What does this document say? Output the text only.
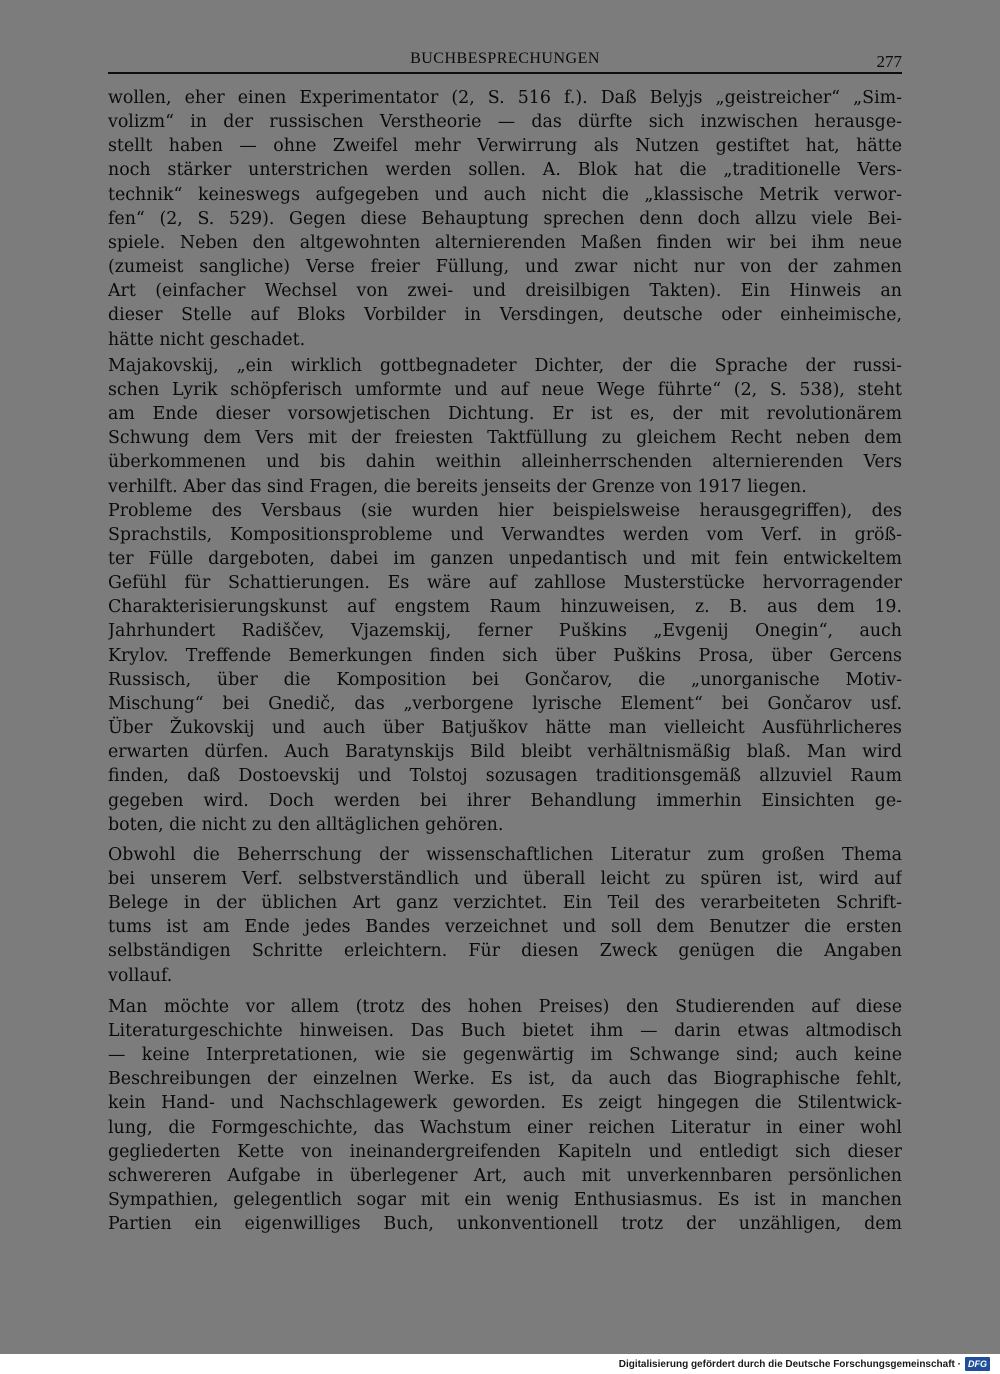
BUCHBESPRECHUNGEN	277

wollen, eher einen Experimentator (2, S. 516 f.). Daß Belyjs „geistreicher“ „Sim-
volizm“ in der russischen Verstheorie — das dürfte sich inzwischen herausge-
stellt haben — ohne Zweifel mehr Verwirrung als Nutzen gestiftet hat, hätte
noch stärker unterstrichen werden sollen. A. Blok hat die „traditionelle Vers-
technik“ keineswegs aufgegeben und auch nicht die „klassische Metrik verwor-
fen“ (2, S. 529). Gegen diese Behauptung sprechen denn doch allzu viele Bei-
spiele. Neben den altgewohnten alternierenden Maßen finden wir bei ihm neue
(zumeist sangliche) Verse freier Füllung, und zwar nicht nur von der zahmen
Art (einfacher Wechsel von zwei- und dreisilbigen Takten). Ein Hinweis an
dieser Stelle auf Bloks Vorbilder in Versdingen, deutsche oder einheimische,
hätte nicht geschadet.

Majakovskij, „ein wirklich gottbegnadeter Dichter, der die Sprache der russi-
schen Lyrik schöpferisch umformte und auf neue Wege führte“ (2, S. 538), steht
am Ende dieser vorsowjetischen Dichtung. Er ist es, der mit revolutionärem
Schwung dem Vers mit der freiesten Taktfüllung zu gleichem Recht neben dem
überkommenen und bis dahin weithin alleinherrschenden alternierenden Vers
verhilft. Aber das sind Fragen, die bereits jenseits der Grenze von 1917 liegen.

Probleme des Versbaus (sie wurden hier beispielsweise herausgegriffen), des
Sprachstils, Kompositionsprobleme und Verwandtes werden vom Verf. in größ-
ter Fülle dargeboten, dabei im ganzen unpedantisch und mit fein entwickeltem
Gefühl für Schattierungen. Es wäre auf zahllose Musterstücke hervorragender
Charakterisierungskunst auf engstem Raum hinzuweisen, z. B. aus dem 19.
Jahrhundert Radiščev, Vjazemskij, ferner Puškins „Evgenij Onegin“, auch
Krylov. Treffende Bemerkungen finden sich über Puškins Prosa, über Gercens
Russisch, über die Komposition bei Gončarov, die „unorganische Motiv-
Mischung“ bei Gnedič, das „verborgene lyrische Element“ bei Gončarov usf.
Über Žukovskij und auch über Batjuškov hätte man vielleicht Ausführlicheres
erwarten dürfen. Auch Baratynskijs Bild bleibt verhältnismäßig blaß. Man wird
finden, daß Dostoevskij und Tolstoj sozusagen traditionsgemäß allzuviel Raum
gegeben wird. Doch werden bei ihrer Behandlung immerhin Einsichten ge-
boten, die nicht zu den alltäglichen gehören.

Obwohl die Beherrschung der wissenschaftlichen Literatur zum großen Thema
bei unserem Verf. selbstverständlich und überall leicht zu spüren ist, wird auf
Belege in der üblichen Art ganz verzichtet. Ein Teil des verarbeiteten Schrift-
tums ist am Ende jedes Bandes verzeichnet und soll dem Benutzer die ersten
selbständigen Schritte erleichtern. Für diesen Zweck genügen die Angaben
vollauf.

Man möchte vor allem (trotz des hohen Preises) den Studierenden auf diese
Literaturgeschichte hinweisen. Das Buch bietet ihm — darin etwas altmodisch
— keine Interpretationen, wie sie gegenwärtig im Schwange sind; auch keine
Beschreibungen der einzelnen Werke. Es ist, da auch das Biographische fehlt,
kein Hand- und Nachschlagewerk geworden. Es zeigt hingegen die Stilentwick-
lung, die Formgeschichte, das Wachstum einer reichen Literatur in einer wohl
gegliederten Kette von ineinandergreifenden Kapiteln und entledigt sich dieser
schwereren Aufgabe in überlegener Art, auch mit unverkennbaren persönlichen
Sympathien, gelegentlich sogar mit ein wenig Enthusiasmus. Es ist in manchen
Partien ein eigenwilliges Buch, unkonventionell trotz der unzähligen, dem

Digitalisierung gefördert durch die Deutsche Forschungsgemeinschaft · DFG
